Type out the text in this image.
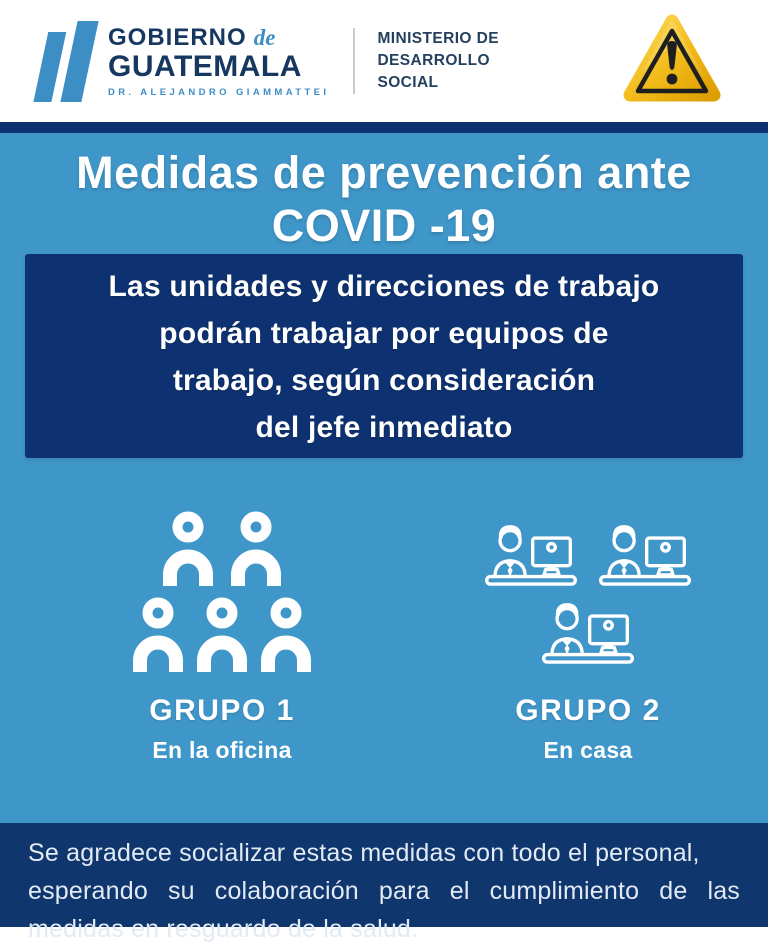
GOBIERNO de
GUATEMALA
DR. ALEJANDRO GIAMMATTEI
MINISTERIO DE
DESARROLLO
SOCIAL
Medidas de prevención ante
COVID -19
Las unidades y direcciones de trabajo
podrán trabajar por equipos de
trabajo, según consideración
del jefe inmediato
GRUPO 1
En la oficina
GRUPO 2
En casa
Se agradece socializar estas medidas con todo el personal,
esperando su colaboración para el cumplimiento de las
medidas en resguardo de la salud.
